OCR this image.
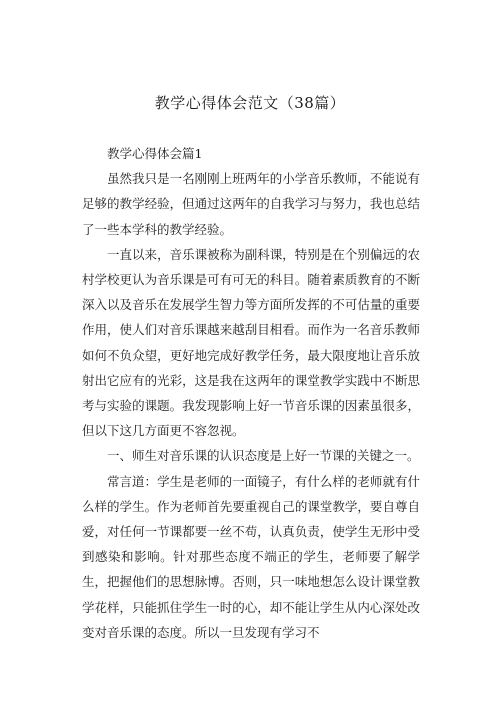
教学心得体会范文（38篇）

教学心得体会篇1

虽然我只是一名刚刚上班两年的小学音乐教师，不能说有足够的教学经验，但通过这两年的自我学习与努力，我也总结了一些本学科的教学经验。

一直以来，音乐课被称为副科课，特别是在个别偏远的农村学校更认为音乐课是可有可无的科目。随着素质教育的不断深入以及音乐在发展学生智力等方面所发挥的不可估量的重要作用，使人们对音乐课越来越刮目相看。而作为一名音乐教师如何不负众望，更好地完成好教学任务，最大限度地让音乐放射出它应有的光彩，这是我在这两年的课堂教学实践中不断思考与实验的课题。我发现影响上好一节音乐课的因素虽很多，但以下这几方面更不容忽视。

一、师生对音乐课的认识态度是上好一节课的关键之一。

常言道：学生是老师的一面镜子，有什么样的老师就有什么样的学生。作为老师首先要重视自己的课堂教学，要自尊自爱，对任何一节课都要一丝不苟，认真负责，使学生无形中受到感染和影响。针对那些态度不端正的学生，老师要了解学生，把握他们的思想脉博。否则，只一味地想怎么设计课堂教学花样，只能抓住学生一时的心，却不能让学生从内心深处改变对音乐课的态度。所以一旦发现有学习不
